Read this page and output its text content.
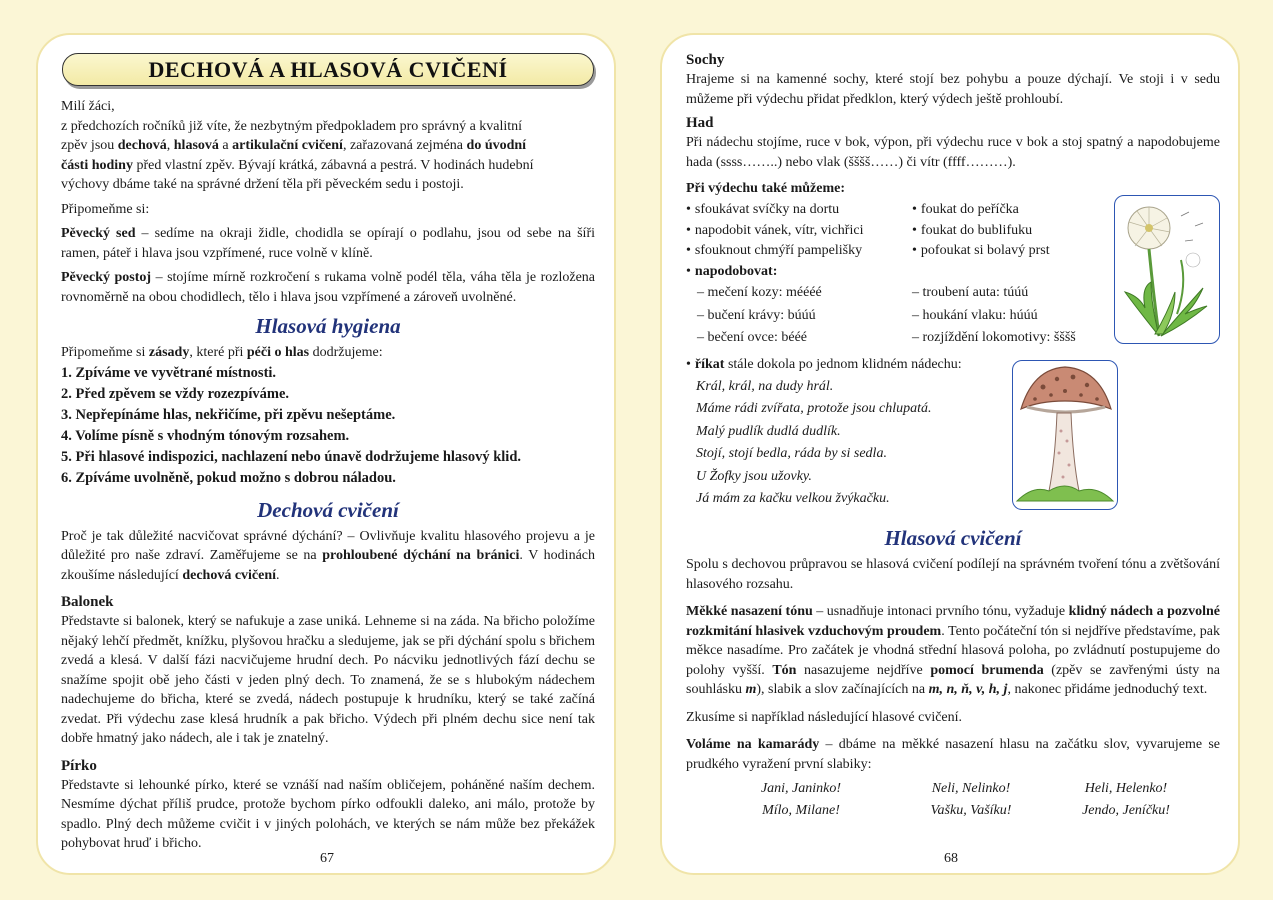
DECHOVÁ A HLASOVÁ CVIČENÍ
Milí žáci,
z předchozích ročníků již víte, že nezbytným předpokladem pro správný a kvalitní
zpěv jsou dechová, hlasová a artikulační cvičení, zařazovaná zejména do úvodní
části hodiny před vlastní zpěv. Bývají krátká, zábavná a pestrá. V hodinách hudební
výchovy dbáme také na správné držení těla při pěveckém sedu i postoji.

Připomeňme si:

Pěvecký sed – sedíme na okraji židle, chodidla se opírají o podlahu, jsou od sebe na šíři ramen, páteř i hlava jsou vzpřímené, ruce volně v klíně.

Pěvecký postoj – stojíme mírně rozkročení s rukama volně podél těla, váha těla je rozložena rovnoměrně na obou chodidlech, tělo i hlava jsou vzpřímené a zároveň uvolněné.

Hlasová hygiena

Připomeňme si zásady, které při péči o hlas dodržujeme:

1. Zpíváme ve vyvětrané místnosti.
2. Před zpěvem se vždy rozezpíváme.
3. Nepřepínáme hlas, nekřičíme, při zpěvu nešeptáme.
4. Volíme písně s vhodným tónovým rozsahem.
5. Při hlasové indispozici, nachlazení nebo únavě dodržujeme hlasový klid.
6. Zpíváme uvolněně, pokud možno s dobrou náladou.
Dechová cvičení

Proč je tak důležité nacvičovat správné dýchání? – Ovlivňuje kvalitu hlasového projevu a je důležité pro naše zdraví. Zaměřujeme se na prohloubené dýchání na bránici. V hodinách zkoušíme následující dechová cvičení.

Balonek

Představte si balonek, který se nafukuje a zase uniká. Lehneme si na záda. Na břicho položíme nějaký lehčí předmět, knížku, plyšovou hračku a sledujeme, jak se při dýchání spolu s břichem zvedá a klesá. V další fázi nacvičujeme hrudní dech. Po nácviku jednotlivých fází dechu se snažíme spojit obě jeho části v jeden plný dech. To znamená, že se s hlubokým nádechem nadechujeme do břicha, které se zvedá, nádech postupuje k hrudníku, který se také začíná zvedat. Při výdechu zase klesá hrudník a pak břicho. Výdech při plném dechu sice není tak dobře hmatný jako nádech, ale i tak je znatelný.

Pírko

Představte si lehounké pírko, které se vznáší nad naším obličejem, poháněné naším dechem. Nesmíme dýchat příliš prudce, protože bychom pírko odfoukli daleko, ani málo, protože by spadlo. Plný dech můžeme cvičit i v jiných polohách, ve kterých se nám může bez překážek pohybovat hruď i břicho.

67
Sochy

Hrajeme si na kamenné sochy, které stojí bez pohybu a pouze dýchají. Ve stoji i v sedu můžeme při výdechu přidat předklon, který výdech ještě prohloubí.

Had

Při nádechu stojíme, ruce v bok, výpon, při výdechu ruce v bok a stoj spatný a napodobujeme hada (ssss……..) nebo vlak (šššš……) či vítr (ffff………).

Při výdechu také můžeme:
• sfoukávat svíčky na dortu
• napodobit vánek, vítr, vichřici
• sfouknout chmýří pampelišky
• foukat do peříčka
• foukat do bublifuku
• pofoukat si bolavý prst
• napodobovat:
– mečení kozy: méééé
– bučení krávy: búúú
– bečení ovce: bééé
– troubení auta: túúú
– houkání vlaku: húúú
– rozjíždění lokomotivy: šššš
• říkat stále dokola po jednom klidném nádechu:
Král, král, na dudy hrál.
Máme rádi zvířata, protože jsou chlupatá.
Malý pudlík dudlá dudlík.
Stojí, stojí bedla, ráda by si sedla.
U Žofky jsou užovky.
Já mám za kačku velkou žvýkačku.
Hlasová cvičení

Spolu s dechovou průpravou se hlasová cvičení podílejí na správném tvoření tónu a zvětšování hlasového rozsahu.

Měkké nasazení tónu – usnadňuje intonaci prvního tónu, vyžaduje klidný nádech a pozvolné rozkmitání hlasivek vzduchovým proudem. Tento počáteční tón si nejdříve představíme, pak měkce nasadíme. Pro začátek je vhodná střední hlasová poloha, po zvládnutí postupujeme do polohy vyšší. Tón nasazujeme nejdříve pomocí brumenda (zpěv se zavřenými ústy na souhlásku m), slabik a slov začínajících na m, n, ň, v, h, j, nakonec přidáme jednoduchý text.

Zkusíme si například následující hlasové cvičení.

Voláme na kamarády – dbáme na měkké nasazení hlasu na začátku slov, vyvarujeme se prudkého vyražení první slabiky:

Jani, Janinko!	Neli, Nelinko!	Heli, Helenko!
Mílo, Milane!	Vašku, Vašíku!	Jendo, Jeníčku!
68
